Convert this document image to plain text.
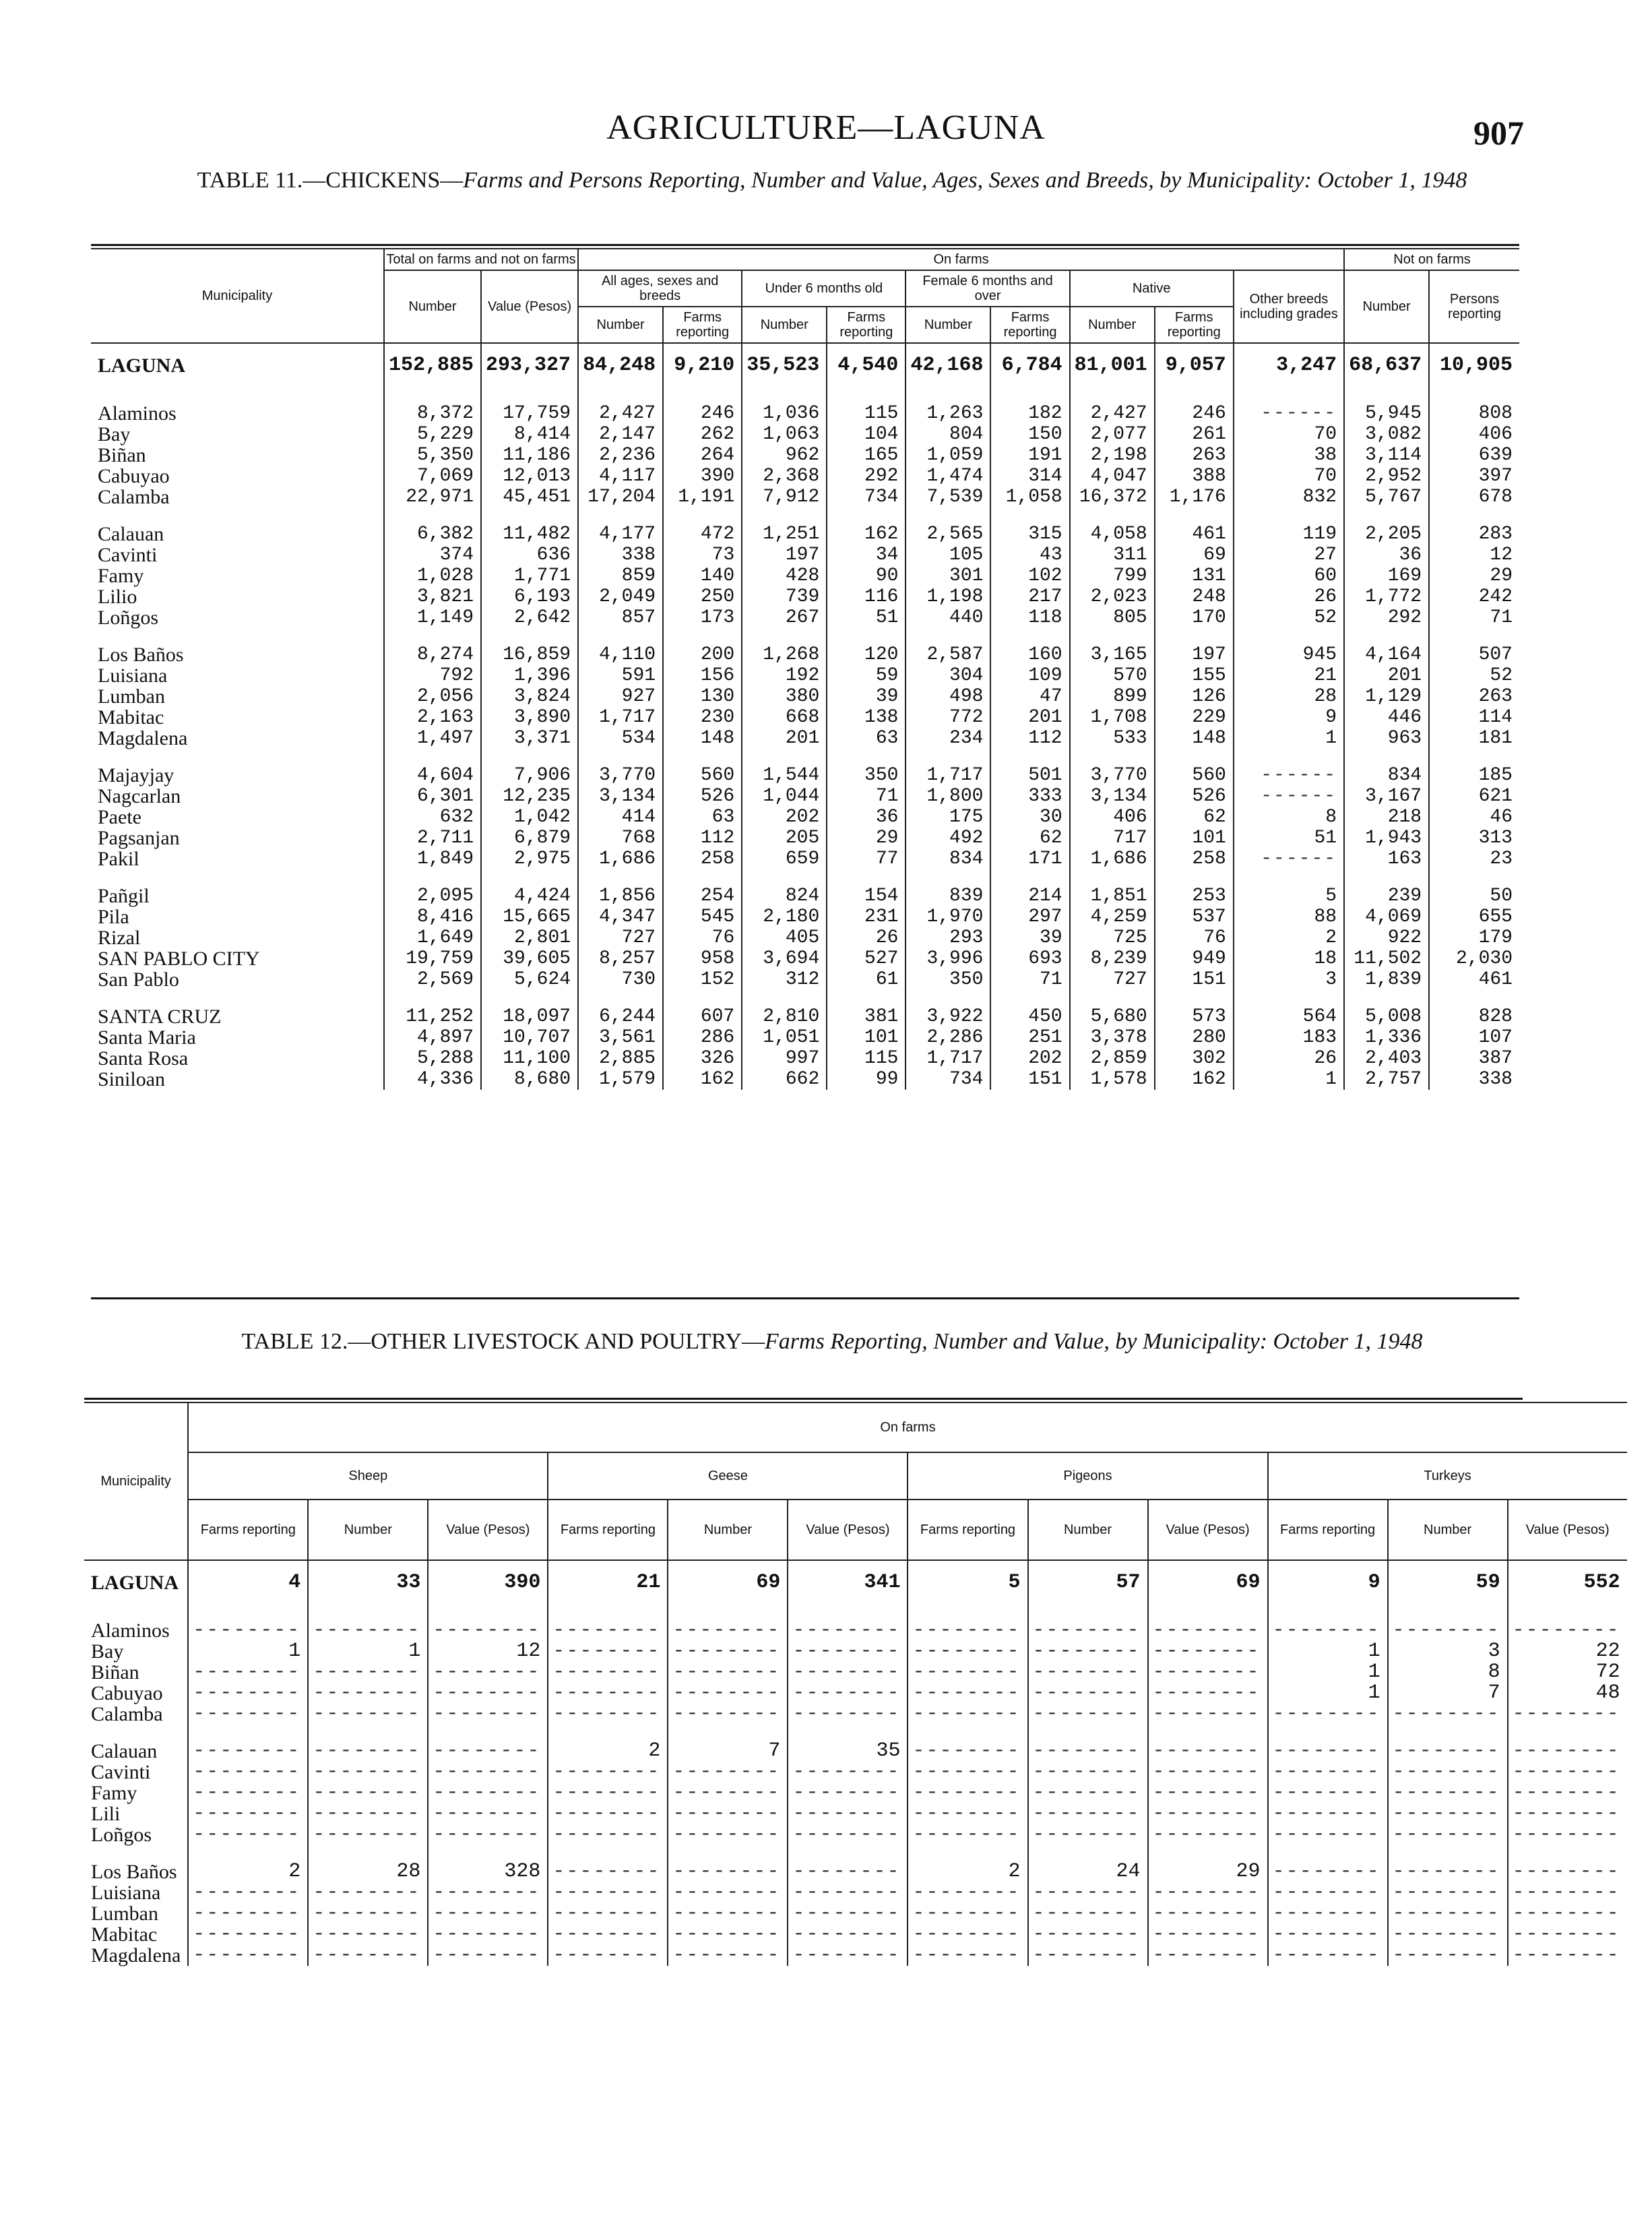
AGRICULTURE—LAGUNA	907
TABLE 11.—CHICKENS—Farms and Persons Reporting, Number and Value, Ages, Sexes and Breeds, by Municipality: October 1, 1948
Municipality	Total on farms and not on farms		On farms									Not on farms	
	Number	Value (Pesos)	All ages, sexes and breeds		Under 6 months old		Female 6 months and over		Native		Other breeds including grades	Number	Persons reporting
			Number	Farms reporting	Number	Farms reporting	Number	Farms reporting	Number	Farms reporting			
LAGUNA	152,885	293,327	84,248	9,210	35,523	4,540	42,168	6,784	81,001	9,057	3,247	68,637	10,905

Alaminos	8,372	17,759	2,427	246	1,036	115	1,263	182	2,427	246	------	5,945	808
Bay	5,229	8,414	2,147	262	1,063	104	804	150	2,077	261	70	3,082	406
Biñan	5,350	11,186	2,236	264	962	165	1,059	191	2,198	263	38	3,114	639
Cabuyao	7,069	12,013	4,117	390	2,368	292	1,474	314	4,047	388	70	2,952	397
Calamba	22,971	45,451	17,204	1,191	7,912	734	7,539	1,058	16,372	1,176	832	5,767	678

Calauan	6,382	11,482	4,177	472	1,251	162	2,565	315	4,058	461	119	2,205	283
Cavinti	374	636	338	73	197	34	105	43	311	69	27	36	12
Famy	1,028	1,771	859	140	428	90	301	102	799	131	60	169	29
Lilio	3,821	6,193	2,049	250	739	116	1,198	217	2,023	248	26	1,772	242
Loñgos	1,149	2,642	857	173	267	51	440	118	805	170	52	292	71

Los Baños	8,274	16,859	4,110	200	1,268	120	2,587	160	3,165	197	945	4,164	507
Luisiana	792	1,396	591	156	192	59	304	109	570	155	21	201	52
Lumban	2,056	3,824	927	130	380	39	498	47	899	126	28	1,129	263
Mabitac	2,163	3,890	1,717	230	668	138	772	201	1,708	229	9	446	114
Magdalena	1,497	3,371	534	148	201	63	234	112	533	148	1	963	181

Majayjay	4,604	7,906	3,770	560	1,544	350	1,717	501	3,770	560	------	834	185
Nagcarlan	6,301	12,235	3,134	526	1,044	71	1,800	333	3,134	526	------	3,167	621
Paete	632	1,042	414	63	202	36	175	30	406	62	8	218	46
Pagsanjan	2,711	6,879	768	112	205	29	492	62	717	101	51	1,943	313
Pakil	1,849	2,975	1,686	258	659	77	834	171	1,686	258	------	163	23

Pañgil	2,095	4,424	1,856	254	824	154	839	214	1,851	253	5	239	50
Pila	8,416	15,665	4,347	545	2,180	231	1,970	297	4,259	537	88	4,069	655
Rizal	1,649	2,801	727	76	405	26	293	39	725	76	2	922	179
SAN PABLO CITY	19,759	39,605	8,257	958	3,694	527	3,996	693	8,239	949	18	11,502	2,030
San Pablo	2,569	5,624	730	152	312	61	350	71	727	151	3	1,839	461

SANTA CRUZ	11,252	18,097	6,244	607	2,810	381	3,922	450	5,680	573	564	5,008	828
Santa Maria	4,897	10,707	3,561	286	1,051	101	2,286	251	3,378	280	183	1,336	107
Santa Rosa	5,288	11,100	2,885	326	997	115	1,717	202	2,859	302	26	2,403	387
Siniloan	4,336	8,680	1,579	162	662	99	734	151	1,578	162	1	2,757	338
TABLE 12.—OTHER LIVESTOCK AND POULTRY—Farms Reporting, Number and Value, by Municipality: October 1, 1948
Municipality	On farms											
	Sheep			Geese			Pigeons			Turkeys		
	Farms reporting	Number	Value (Pesos)	Farms reporting	Number	Value (Pesos)	Farms reporting	Number	Value (Pesos)	Farms reporting	Number	Value (Pesos)
LAGUNA	4	33	390	21	69	341	5	57	69	9	59	552

Alaminos	--------	--------	--------	--------	--------	--------	--------	--------	--------	--------	--------	--------
Bay	1	1	12	--------	--------	--------	--------	--------	--------	1	3	22
Biñan	--------	--------	--------	--------	--------	--------	--------	--------	--------	1	8	72
Cabuyao	--------	--------	--------	--------	--------	--------	--------	--------	--------	1	7	48
Calamba	--------	--------	--------	--------	--------	--------	--------	--------	--------	--------	--------	--------

Calauan	--------	--------	--------	2	7	35	--------	--------	--------	--------	--------	--------
Cavinti	--------	--------	--------	--------	--------	--------	--------	--------	--------	--------	--------	--------
Famy	--------	--------	--------	--------	--------	--------	--------	--------	--------	--------	--------	--------
Lili	--------	--------	--------	--------	--------	--------	--------	--------	--------	--------	--------	--------
Loñgos	--------	--------	--------	--------	--------	--------	--------	--------	--------	--------	--------	--------

Los Baños	2	28	328	--------	--------	--------	2	24	29	--------	--------	--------
Luisiana	--------	--------	--------	--------	--------	--------	--------	--------	--------	--------	--------	--------
Lumban	--------	--------	--------	--------	--------	--------	--------	--------	--------	--------	--------	--------
Mabitac	--------	--------	--------	--------	--------	--------	--------	--------	--------	--------	--------	--------
Magdalena	--------	--------	--------	--------	--------	--------	--------	--------	--------	--------	--------	--------
